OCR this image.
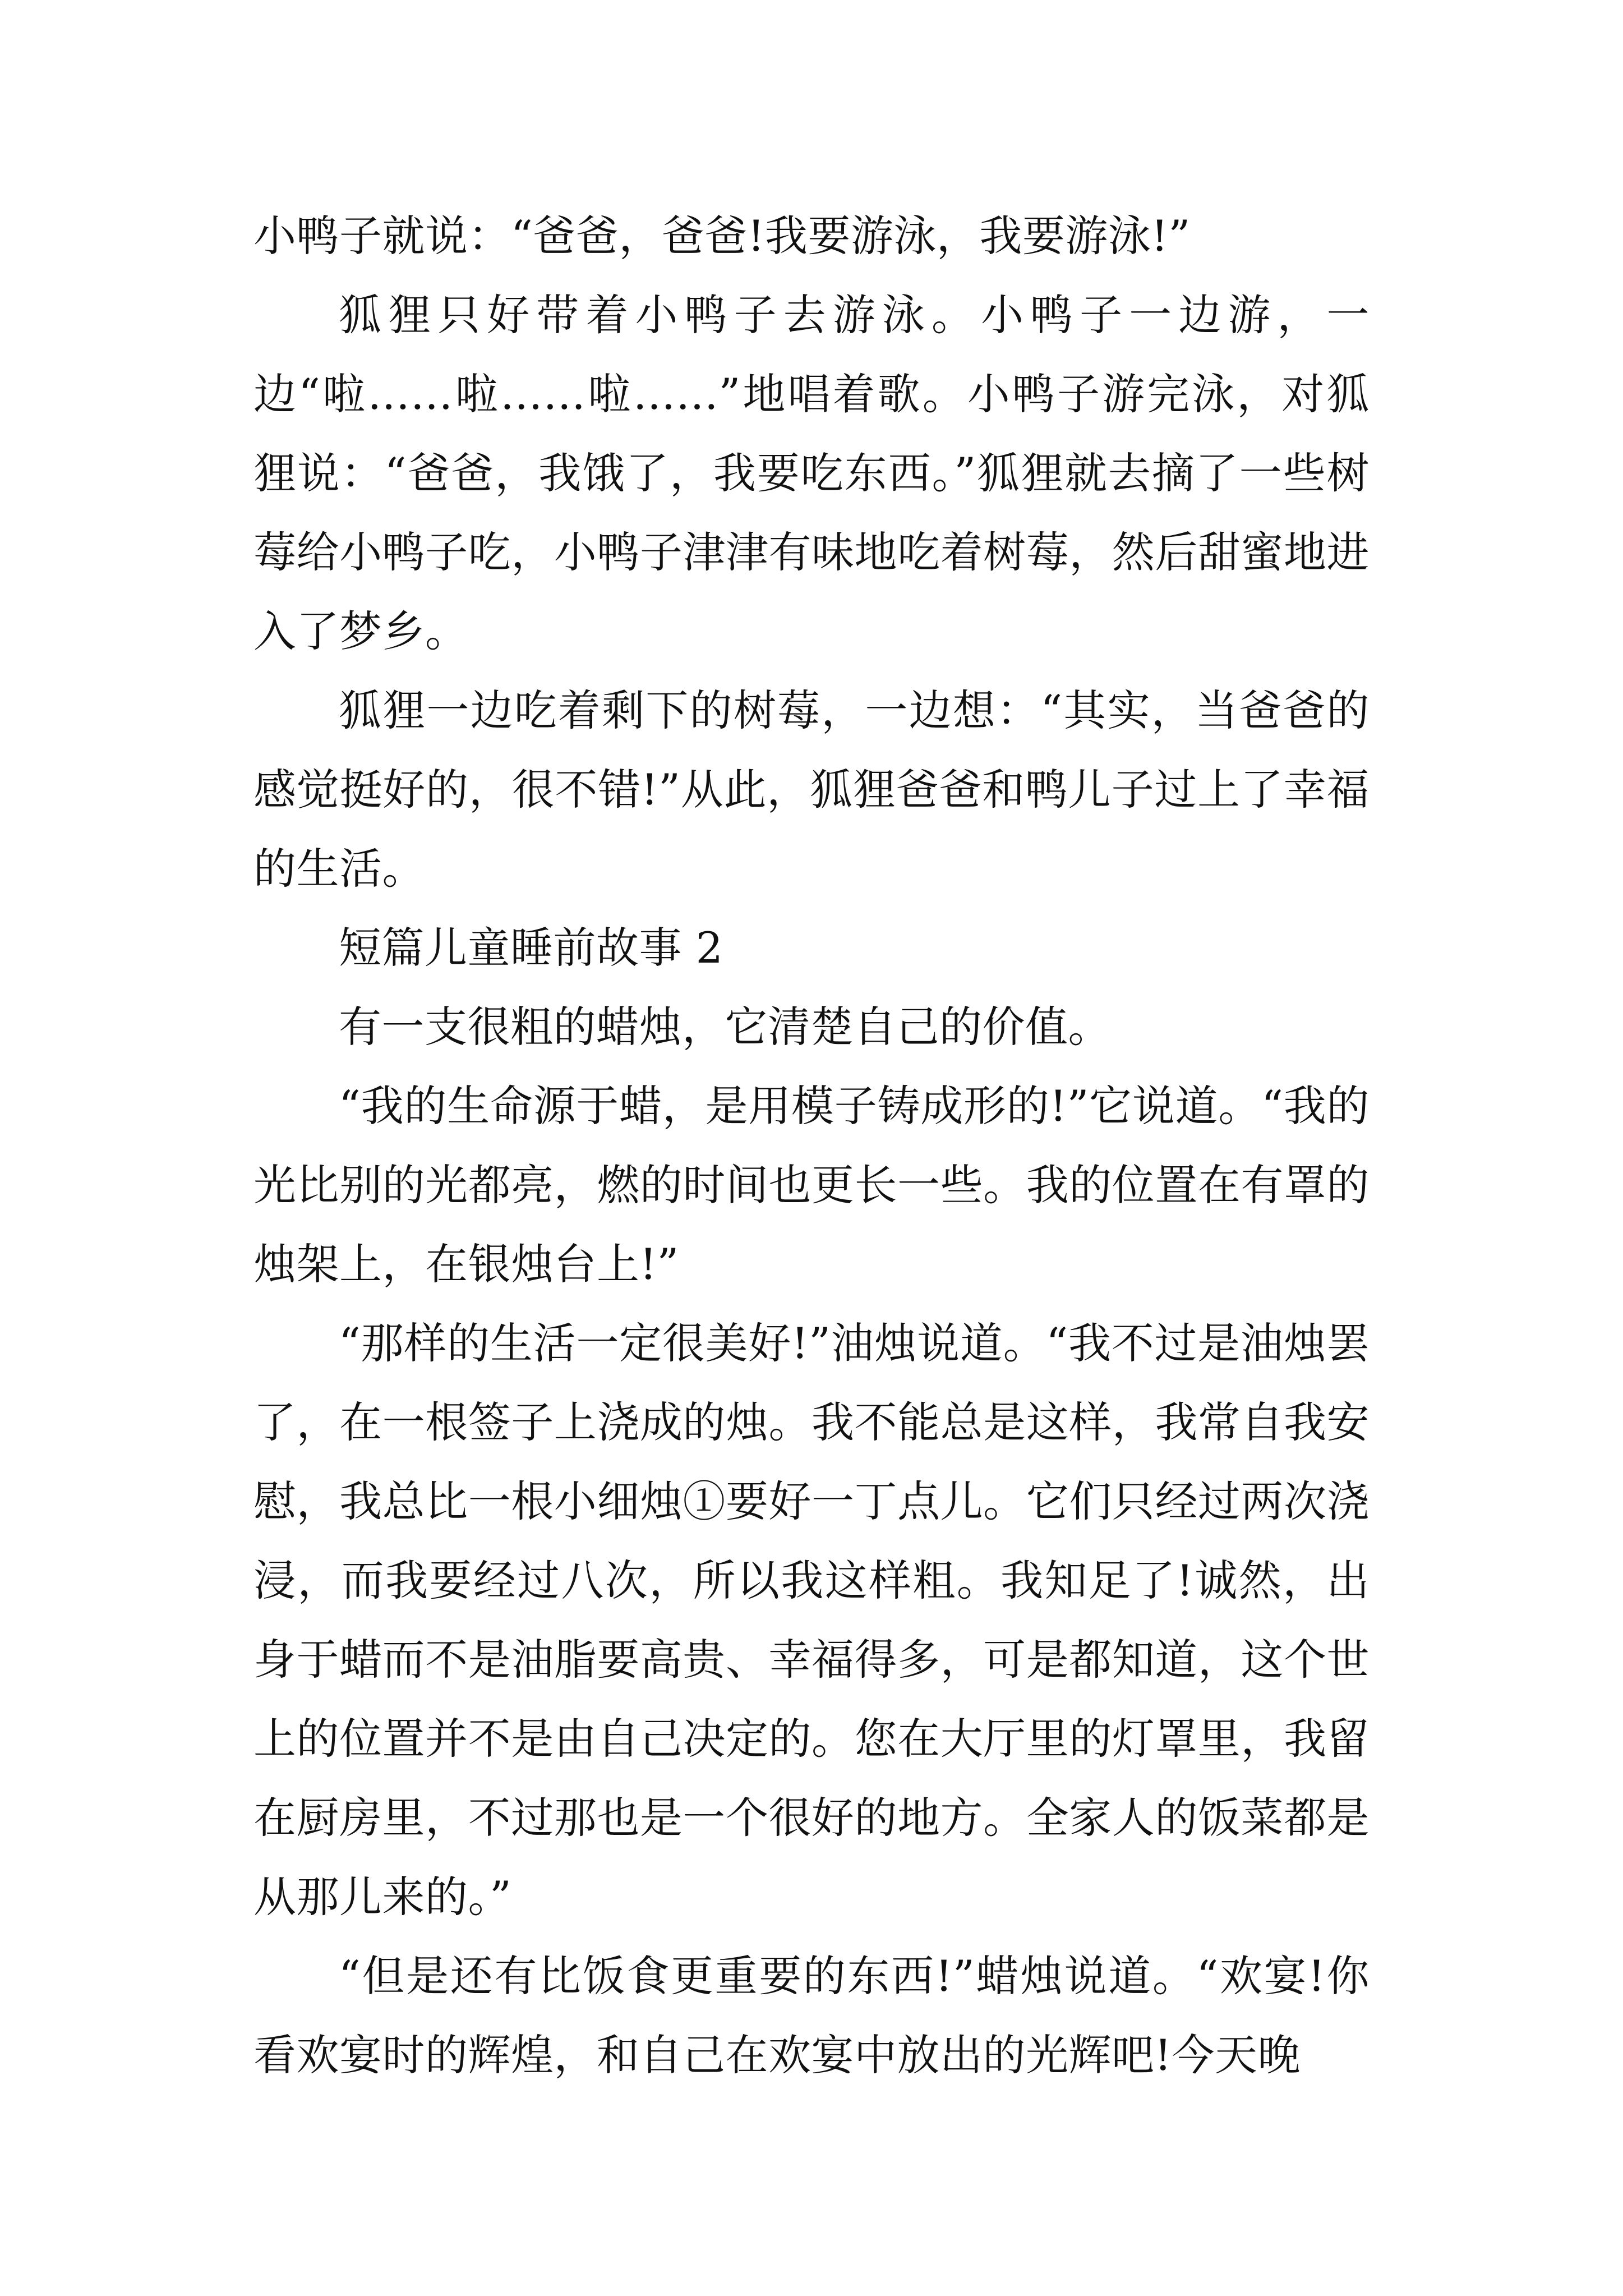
小鸭子就说：“爸爸，爸爸!我要游泳，我要游泳!”

狐狸只好带着小鸭子去游泳。小鸭子一边游，一边“啦……啦……啦……”地唱着歌。小鸭子游完泳，对狐狸说：“爸爸，我饿了，我要吃东西。”狐狸就去摘了一些树莓给小鸭子吃，小鸭子津津有味地吃着树莓，然后甜蜜地进入了梦乡。

狐狸一边吃着剩下的树莓，一边想：“其实，当爸爸的感觉挺好的，很不错!”从此，狐狸爸爸和鸭儿子过上了幸福的生活。

短篇儿童睡前故事 2

有一支很粗的蜡烛，它清楚自己的价值。

“我的生命源于蜡，是用模子铸成形的!”它说道。“我的光比别的光都亮，燃的时间也更长一些。我的位置在有罩的烛架上，在银烛台上!”

“那样的生活一定很美好!”油烛说道。“我不过是油烛罢了，在一根签子上浇成的烛。我不能总是这样，我常自我安慰，我总比一根小细烛①要好一丁点儿。它们只经过两次浇浸，而我要经过八次，所以我这样粗。我知足了!诚然，出身于蜡而不是油脂要高贵、幸福得多，可是都知道，这个世上的位置并不是由自己决定的。您在大厅里的灯罩里，我留在厨房里，不过那也是一个很好的地方。全家人的饭菜都是从那儿来的。”

“但是还有比饭食更重要的东西!”蜡烛说道。“欢宴!你看欢宴时的辉煌，和自己在欢宴中放出的光辉吧!今天晚
